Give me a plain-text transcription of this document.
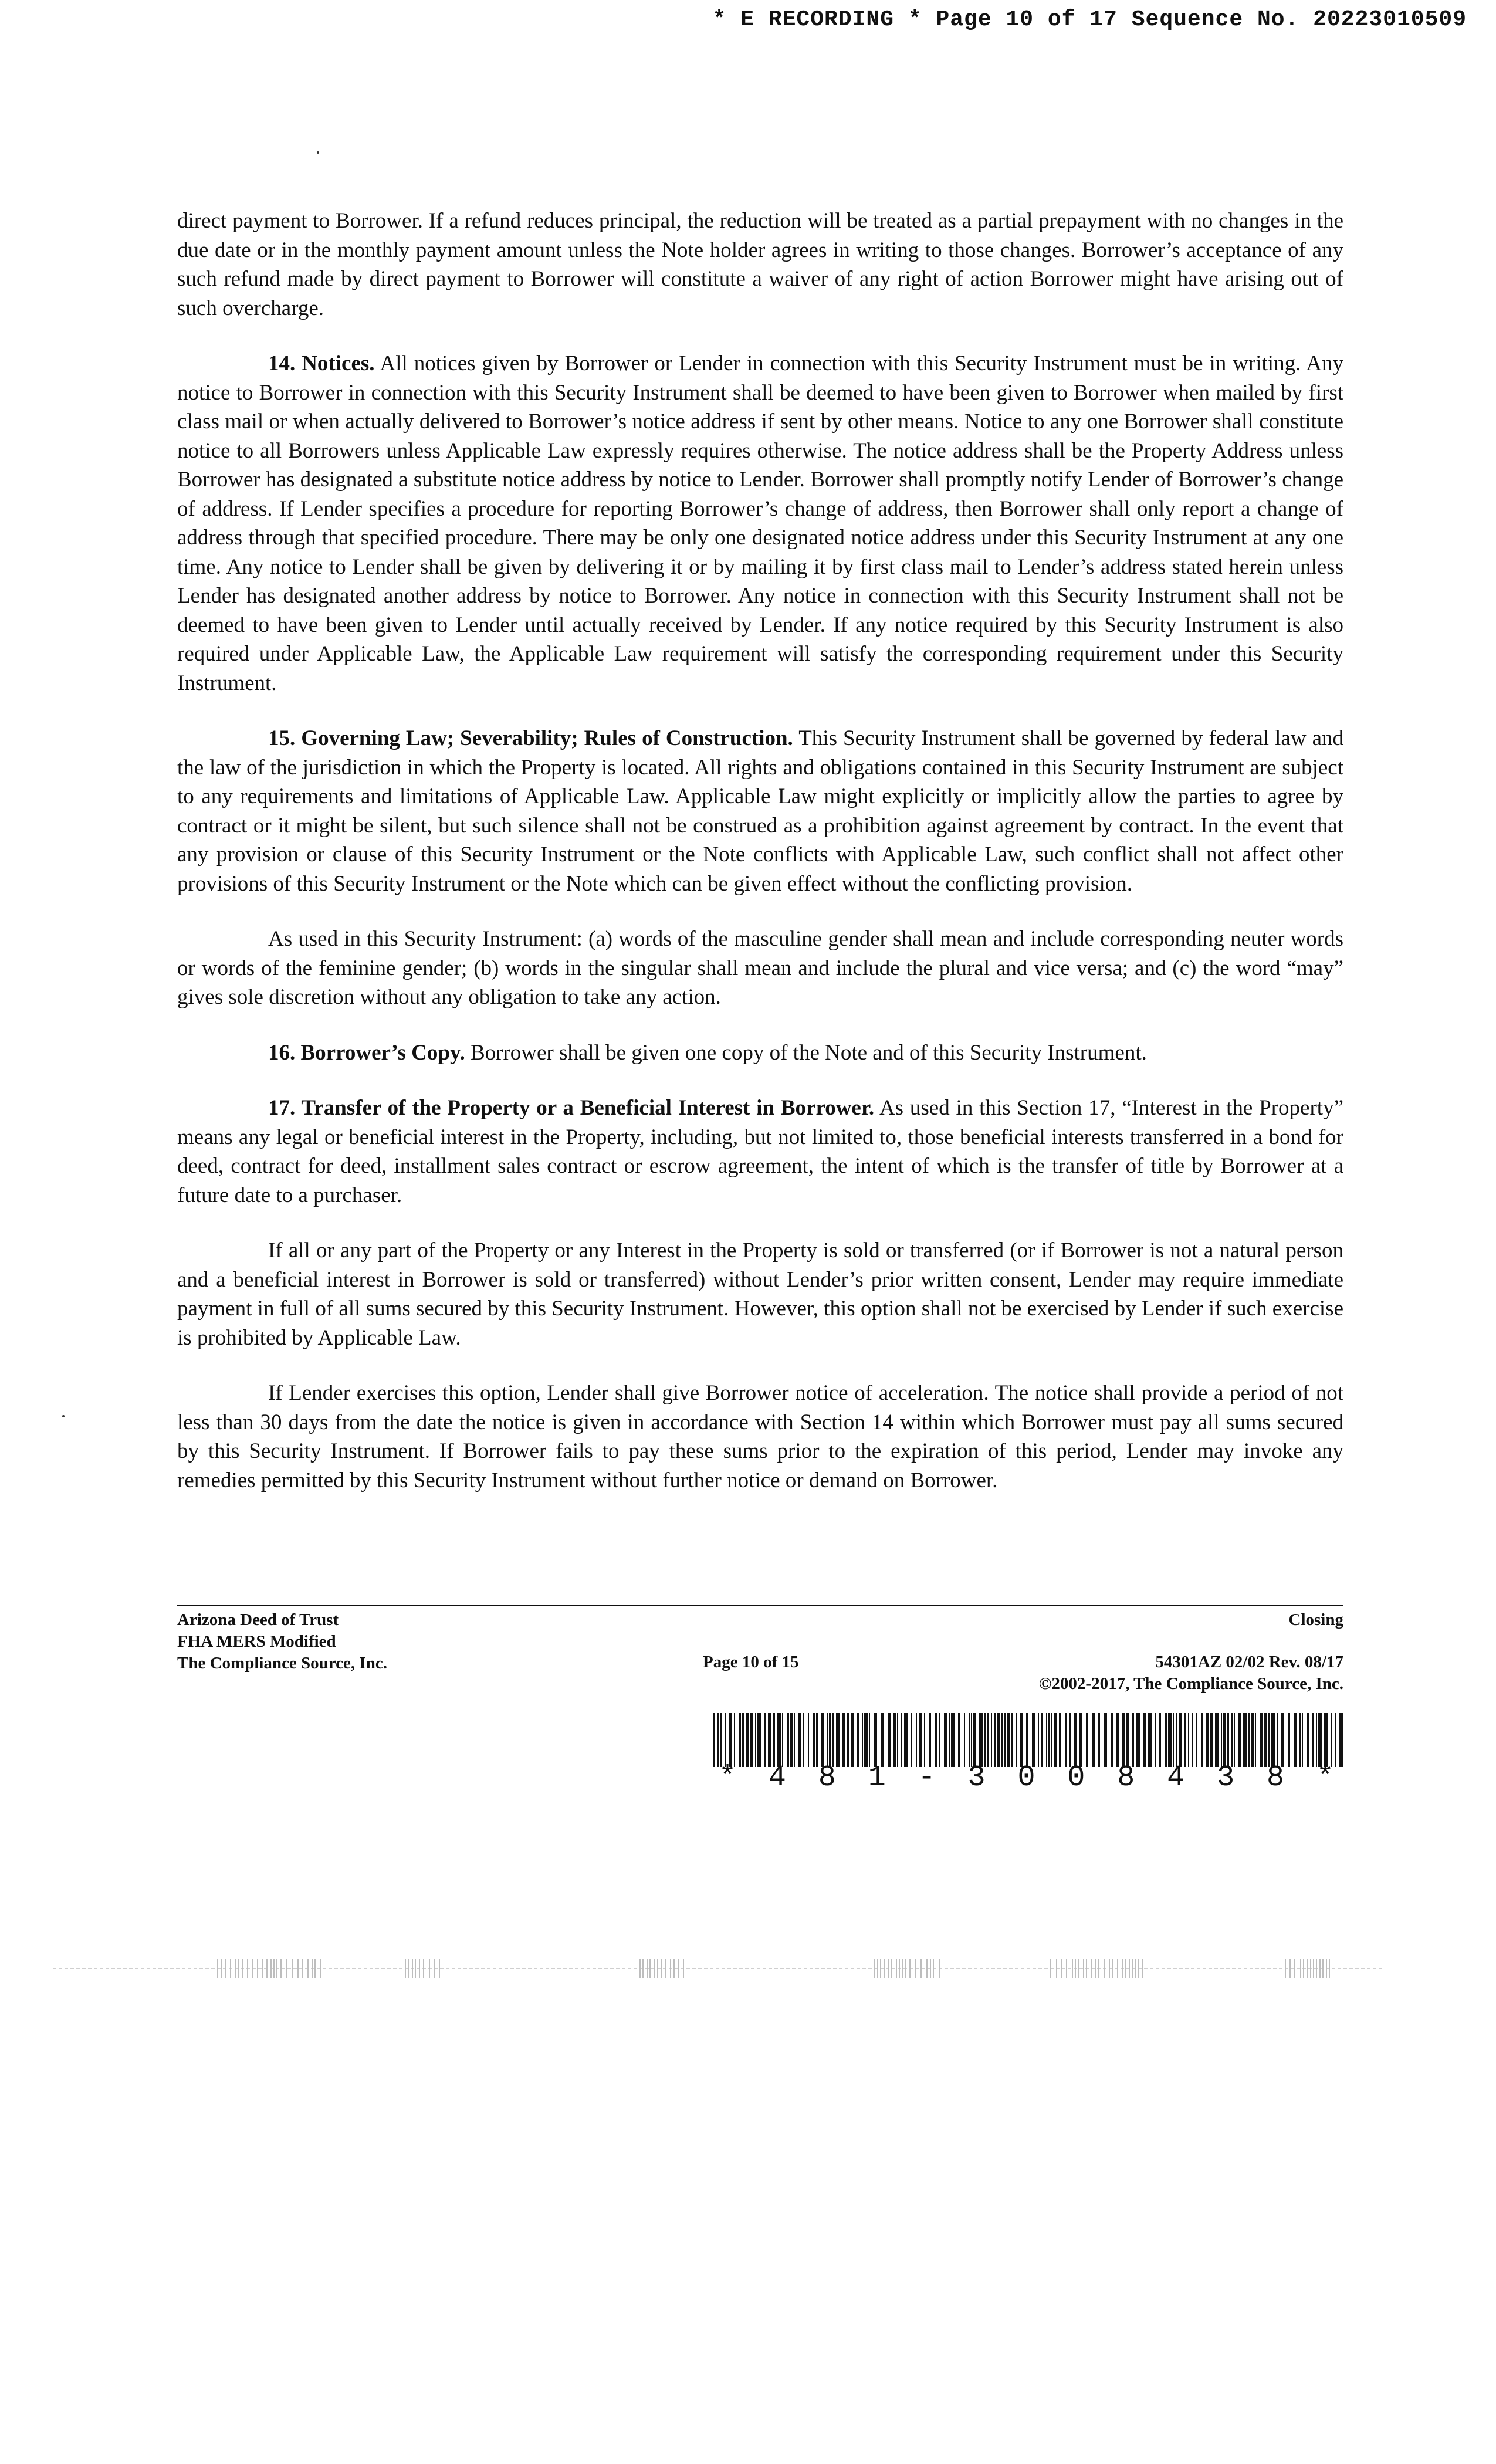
* E RECORDING * Page 10 of 17 Sequence No. 20223010509

direct payment to Borrower. If a refund reduces principal, the reduction will be treated as a partial prepayment with no changes in the due date or in the monthly payment amount unless the Note holder agrees in writing to those changes. Borrower’s acceptance of any such refund made by direct payment to Borrower will constitute a waiver of any right of action Borrower might have arising out of such overcharge.

14. Notices. All notices given by Borrower or Lender in connection with this Security Instrument must be in writing. Any notice to Borrower in connection with this Security Instrument shall be deemed to have been given to Borrower when mailed by first class mail or when actually delivered to Borrower’s notice address if sent by other means. Notice to any one Borrower shall constitute notice to all Borrowers unless Applicable Law expressly requires otherwise. The notice address shall be the Property Address unless Borrower has designated a substitute notice address by notice to Lender. Borrower shall promptly notify Lender of Borrower’s change of address. If Lender specifies a procedure for reporting Borrower’s change of address, then Borrower shall only report a change of address through that specified procedure. There may be only one designated notice address under this Security Instrument at any one time. Any notice to Lender shall be given by delivering it or by mailing it by first class mail to Lender’s address stated herein unless Lender has designated another address by notice to Borrower. Any notice in connection with this Security Instrument shall not be deemed to have been given to Lender until actually received by Lender. If any notice required by this Security Instrument is also required under Applicable Law, the Applicable Law requirement will satisfy the corresponding requirement under this Security Instrument.

15. Governing Law; Severability; Rules of Construction. This Security Instrument shall be governed by federal law and the law of the jurisdiction in which the Property is located. All rights and obligations contained in this Security Instrument are subject to any requirements and limitations of Applicable Law. Applicable Law might explicitly or implicitly allow the parties to agree by contract or it might be silent, but such silence shall not be construed as a prohibition against agreement by contract. In the event that any provision or clause of this Security Instrument or the Note conflicts with Applicable Law, such conflict shall not affect other provisions of this Security Instrument or the Note which can be given effect without the conflicting provision.

As used in this Security Instrument: (a) words of the masculine gender shall mean and include corresponding neuter words or words of the feminine gender; (b) words in the singular shall mean and include the plural and vice versa; and (c) the word “may” gives sole discretion without any obligation to take any action.

16. Borrower’s Copy. Borrower shall be given one copy of the Note and of this Security Instrument.

17. Transfer of the Property or a Beneficial Interest in Borrower. As used in this Section 17, “Interest in the Property” means any legal or beneficial interest in the Property, including, but not limited to, those beneficial interests transferred in a bond for deed, contract for deed, installment sales contract or escrow agreement, the intent of which is the transfer of title by Borrower at a future date to a purchaser.

If all or any part of the Property or any Interest in the Property is sold or transferred (or if Borrower is not a natural person and a beneficial interest in Borrower is sold or transferred) without Lender’s prior written consent, Lender may require immediate payment in full of all sums secured by this Security Instrument. However, this option shall not be exercised by Lender if such exercise is prohibited by Applicable Law.

If Lender exercises this option, Lender shall give Borrower notice of acceleration. The notice shall provide a period of not less than 30 days from the date the notice is given in accordance with Section 14 within which Borrower must pay all sums secured by this Security Instrument. If Borrower fails to pay these sums prior to the expiration of this period, Lender may invoke any remedies permitted by this Security Instrument without further notice or demand on Borrower.

Arizona Deed of Trust
FHA MERS Modified
The Compliance Source, Inc.
Closing
Page 10 of 15	54301AZ 02/02 Rev. 08/17
©2002-2017, The Compliance Source, Inc.
* 4 8 1 - 3 0 0 8 4 3 8 *
